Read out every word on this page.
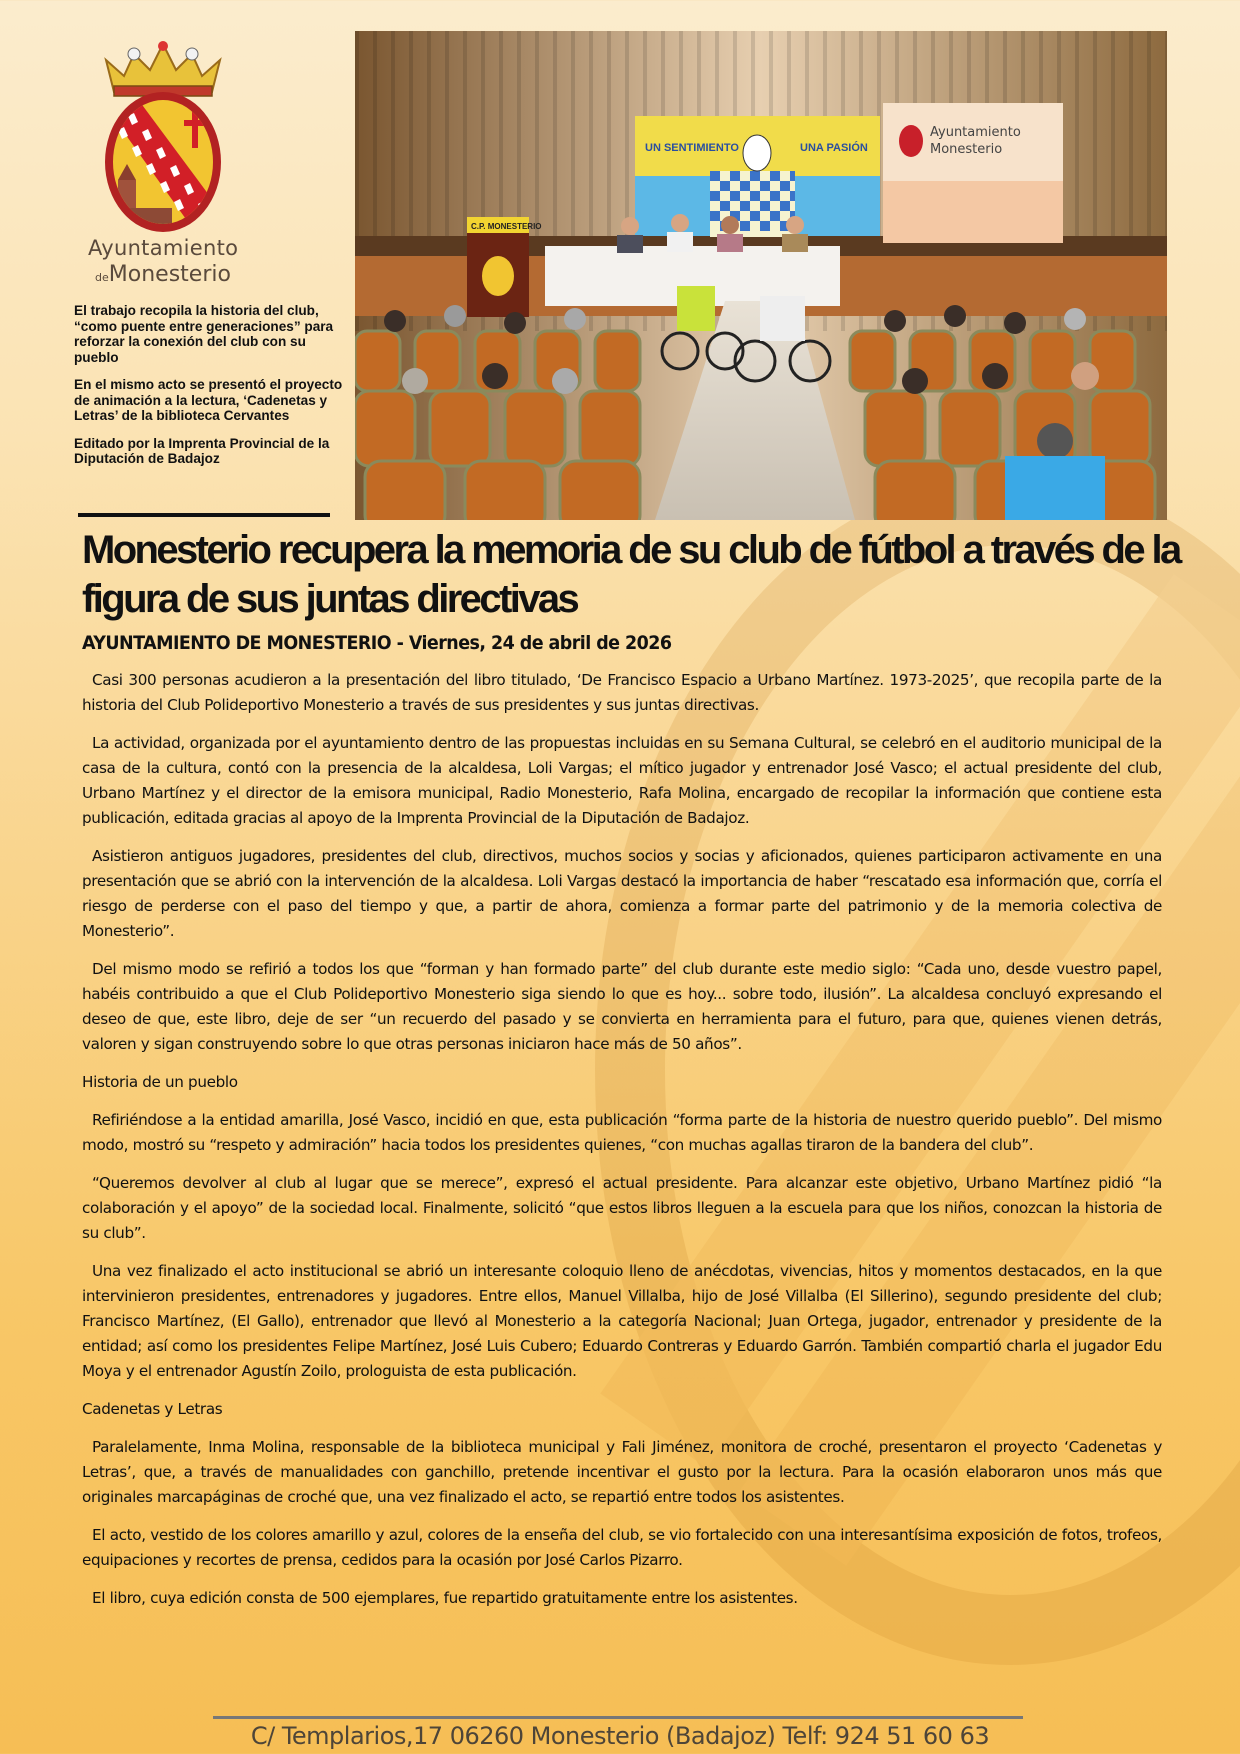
Ayuntamiento
deMonesterio

El trabajo recopila la historia del club, “como puente entre generaciones” para reforzar la conexión del club con su pueblo

En el mismo acto se presentó el proyecto de animación a la lectura, ‘Cadenetas y Letras’ de la biblioteca Cervantes

Editado por la Imprenta Provincial de la Diputación de Badajoz

UN SENTIMIENTO	UNA PASIÓN
Ayuntamiento
Monesterio
C.P. MONESTERIO
Monesterio recupera la memoria de su club de fútbol a través de la figura de sus juntas directivas
AYUNTAMIENTO DE MONESTERIO - Viernes, 24 de abril de 2026

Casi 300 personas acudieron a la presentación del libro titulado, ‘De Francisco Espacio a Urbano Martínez. 1973-2025’, que recopila parte de la historia del Club Polideportivo Monesterio a través de sus presidentes y sus juntas directivas.

La actividad, organizada por el ayuntamiento dentro de las propuestas incluidas en su Semana Cultural, se celebró en el auditorio municipal de la casa de la cultura, contó con la presencia de la alcaldesa, Loli Vargas; el mítico jugador y entrenador José Vasco; el actual presidente del club, Urbano Martínez y el director de la emisora municipal, Radio Monesterio, Rafa Molina, encargado de recopilar la información que contiene esta publicación, editada gracias al apoyo de la Imprenta Provincial de la Diputación de Badajoz.

Asistieron antiguos jugadores, presidentes del club, directivos, muchos socios y socias y aficionados, quienes participaron activamente en una presentación que se abrió con la intervención de la alcaldesa. Loli Vargas destacó la importancia de haber “rescatado esa información que, corría el riesgo de perderse con el paso del tiempo y que, a partir de ahora, comienza a formar parte del patrimonio y de la memoria colectiva de Monesterio”.

Del mismo modo se refirió a todos los que “forman y han formado parte” del club durante este medio siglo: “Cada uno, desde vuestro papel, habéis contribuido a que el Club Polideportivo Monesterio siga siendo lo que es hoy... sobre todo, ilusión”. La alcaldesa concluyó expresando el deseo de que, este libro, deje de ser “un recuerdo del pasado y se convierta en herramienta para el futuro, para que, quienes vienen detrás, valoren y sigan construyendo sobre lo que otras personas iniciaron hace más de 50 años”.

Historia de un pueblo

Refiriéndose a la entidad amarilla, José Vasco, incidió en que, esta publicación “forma parte de la historia de nuestro querido pueblo”. Del mismo modo, mostró su “respeto y admiración” hacia todos los presidentes quienes, “con muchas agallas tiraron de la bandera del club”.

“Queremos devolver al club al lugar que se merece”, expresó el actual presidente. Para alcanzar este objetivo, Urbano Martínez pidió “la colaboración y el apoyo” de la sociedad local. Finalmente, solicitó “que estos libros lleguen a la escuela para que los niños, conozcan la historia de su club”.

Una vez finalizado el acto institucional se abrió un interesante coloquio lleno de anécdotas, vivencias, hitos y momentos destacados, en la que intervinieron presidentes, entrenadores y jugadores. Entre ellos, Manuel Villalba, hijo de José Villalba (El Sillerino), segundo presidente del club; Francisco Martínez, (El Gallo), entrenador que llevó al Monesterio a la categoría Nacional; Juan Ortega, jugador, entrenador y presidente de la entidad; así como los presidentes Felipe Martínez, José Luis Cubero; Eduardo Contreras y Eduardo Garrón. También compartió charla el jugador Edu Moya y el entrenador Agustín Zoilo, prologuista de esta publicación.

Cadenetas y Letras

Paralelamente, Inma Molina, responsable de la biblioteca municipal y Fali Jiménez, monitora de croché, presentaron el proyecto ‘Cadenetas y Letras’, que, a través de manualidades con ganchillo, pretende incentivar el gusto por la lectura. Para la ocasión elaboraron unos más que originales marcapáginas de croché que, una vez finalizado el acto, se repartió entre todos los asistentes.

El acto, vestido de los colores amarillo y azul, colores de la enseña del club, se vio fortalecido con una interesantísima exposición de fotos, trofeos, equipaciones y recortes de prensa, cedidos para la ocasión por José Carlos Pizarro.

El libro, cuya edición consta de 500 ejemplares, fue repartido gratuitamente entre los asistentes.

C/ Templarios,17 06260 Monesterio (Badajoz) Telf: 924 51 60 63
